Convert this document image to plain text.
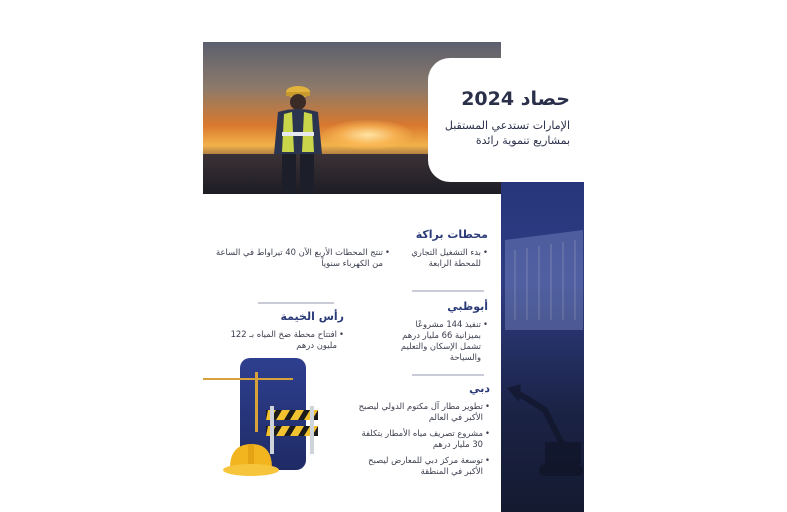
حصاد 2024

الإمارات تستدعي المستقبل
بمشاريع تنموية رائدة

محطات براكة
• بدء التشغيل التجاري للمحطة الرابعة
• تنتج المحطات الأربع الآن 40 تيراواط في الساعة من الكهرباء سنوياً
أبوظبي
• تنفيذ 144 مشروعًا بميزانية 66 مليار درهم تشمل الإسكان والتعليم والسياحة
رأس الخيمة
• افتتاح محطة ضخ المياه بـ 122 مليون درهم
دبي
• تطوير مطار آل مكتوم الدولي ليصبح الأكبر في العالم
• مشروع تصريف مياه الأمطار بتكلفة 30 مليار درهم
• توسعة مركز دبي للمعارض ليصبح الأكبر في المنطقة
